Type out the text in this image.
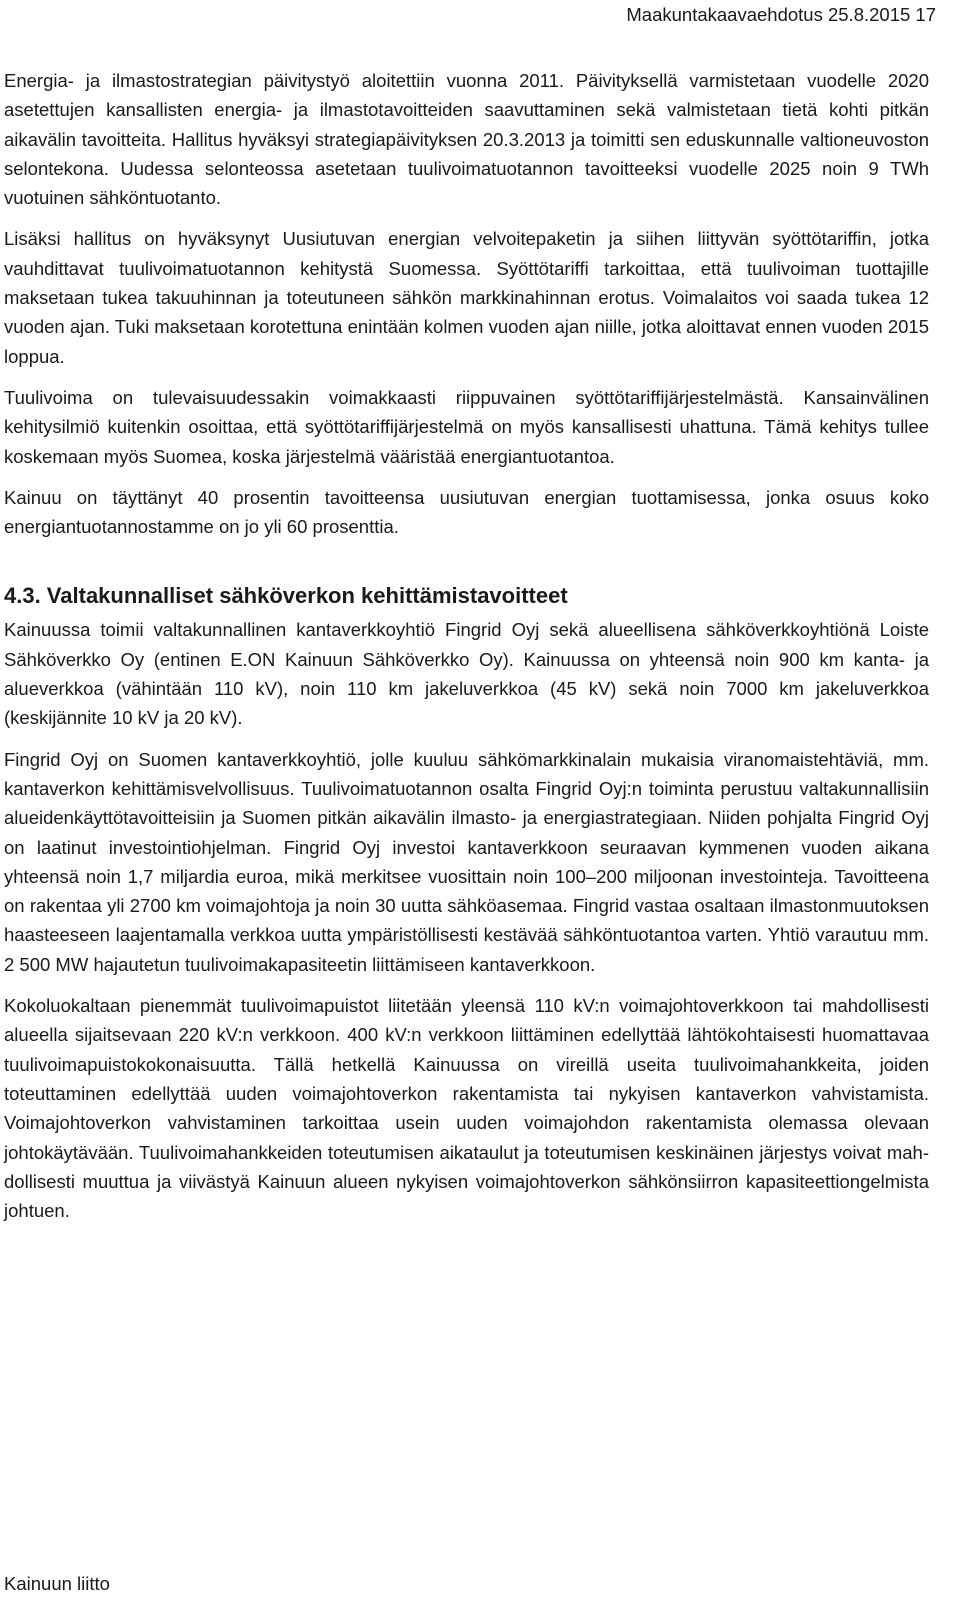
Maakuntakaavaehdotus 25.8.2015 17

Energia- ja ilmastostrategian päivitystyö aloitettiin vuonna 2011. Päivityksellä varmistetaan vuodelle 2020 asetettujen kansallisten energia- ja ilmastotavoitteiden saavuttaminen sekä valmistetaan tietä kohti pitkän aikavälin tavoitteita. Hallitus hyväksyi strategiapäivityksen 20.3.2013 ja toimitti sen eduskunnalle valtioneuvoston selontekona. Uudessa selonteossa asetetaan tuulivoimatuotannon tavoitteeksi vuodelle 2025 noin 9 TWh vuotuinen sähköntuotanto.

Lisäksi hallitus on hyväksynyt Uusiutuvan energian velvoitepaketin ja siihen liittyvän syöttötariffin, jotka vauhdittavat tuulivoimatuotannon kehitystä Suomessa. Syöttötariffi tarkoittaa, että tuulivoiman tuottajille maksetaan tukea takuuhinnan ja toteutuneen sähkön markkinahinnan erotus. Voimalaitos voi saada tukea 12 vuoden ajan. Tuki maksetaan korotettuna enintään kolmen vuoden ajan niille, jotka aloittavat ennen vuoden 2015 loppua.

Tuulivoima on tulevaisuudessakin voimakkaasti riippuvainen syöttötariffijärjestelmästä. Kansainvälinen kehitysilmiö kuitenkin osoittaa, että syöttötariffijärjestelmä on myös kansallisesti uhattuna. Tämä kehitys tullee koskemaan myös Suomea, koska järjestelmä vääristää energiantuotantoa.

Kainuu on täyttänyt 40 prosentin tavoitteensa uusiutuvan energian tuottamisessa, jonka osuus koko energiantuotannostamme on jo yli 60 prosenttia.

4.3. Valtakunnalliset sähköverkon kehittämistavoitteet

Kainuussa toimii valtakunnallinen kantaverkkoyhtiö Fingrid Oyj sekä alueellisena sähköverkkoyhtiönä Loiste Sähköverkko Oy (entinen E.ON Kainuun Sähköverkko Oy). Kainuussa on yhteensä noin 900 km kanta- ja alueverkkoa (vähintään 110 kV), noin 110 km jakeluverkkoa (45 kV) sekä noin 7000 km jakeluverkkoa (keskijännite 10 kV ja 20 kV).

Fingrid Oyj on Suomen kantaverkkoyhtiö, jolle kuuluu sähkömarkkinalain mukaisia viranomaistehtäviä, mm. kantaverkon kehittämisvelvollisuus. Tuulivoimatuotannon osalta Fingrid Oyj:n toiminta perustuu valtakunnallisiin alueidenkäyttötavoitteisiin ja Suomen pitkän aikavälin ilmasto- ja energiastrategiaan. Niiden pohjalta Fingrid Oyj on laatinut investointiohjelman. Fingrid Oyj investoi kantaverkkoon seuraavan kymmenen vuoden aikana yhteensä noin 1,7 miljardia euroa, mikä merkitsee vuosittain noin 100–200 miljoonan investointeja. Tavoitteena on rakentaa yli 2700 km voimajohtoja ja noin 30 uutta sähköasemaa. Fingrid vastaa osaltaan ilmastonmuutoksen haasteeseen laajentamalla verkkoa uutta ympäristöllisesti kestävää sähköntuotantoa varten. Yhtiö varautuu mm. 2 500 MW hajautetun tuulivoimakapasiteetin liittämiseen kantaverkkoon.

Kokoluokaltaan pienemmät tuulivoimapuistot liitetään yleensä 110 kV:n voimajohtoverkkoon tai mahdollisesti alueella sijaitsevaan 220 kV:n verkkoon. 400 kV:n verkkoon liittäminen edellyttää lähtökohtaisesti huomattavaa tuulivoimapuistokokonaisuutta. Tällä hetkellä Kainuussa on vireillä useita tuulivoimahankkeita, joiden toteuttaminen edellyttää uuden voimajohtoverkon rakentamista tai nykyisen kantaverkon vahvistamista. Voimajohtoverkon vahvistaminen tarkoittaa usein uuden voimajohdon rakentamista olemassa olevaan johtokäytävään. Tuulivoimahankkeiden toteutumisen aikataulut ja toteutumisen keskinäinen järjestys voivat mahdollisesti muuttua ja viivästyä Kainuun alueen nykyisen voimajohtoverkon sähkönsiirron kapasiteettiongelmista johtuen.

Kainuun liitto
